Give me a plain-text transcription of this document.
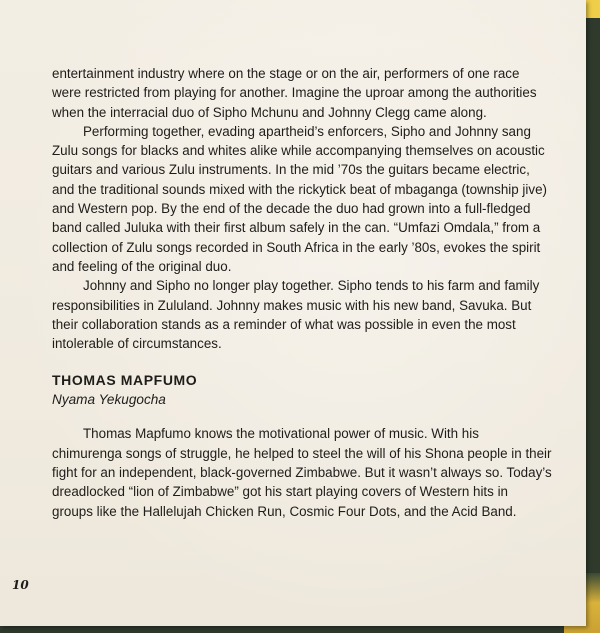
entertainment industry where on the stage or on the air, performers of one race were restricted from playing for another. Imagine the uproar among the authorities when the interracial duo of Sipho Mchunu and Johnny Clegg came along.

Performing together, evading apartheid’s enforcers, Sipho and Johnny sang Zulu songs for blacks and whites alike while accompanying themselves on acoustic guitars and various Zulu instruments. In the mid ’70s the guitars became electric, and the traditional sounds mixed with the rickytick beat of mbaganga (township jive) and Western pop. By the end of the decade the duo had grown into a full-fledged band called Juluka with their first album safely in the can. “Umfazi Omdala,” from a collection of Zulu songs recorded in South Africa in the early ’80s, evokes the spirit and feeling of the original duo.

Johnny and Sipho no longer play together. Sipho tends to his farm and family responsibilities in Zululand. Johnny makes music with his new band, Savuka. But their collaboration stands as a reminder of what was possible in even the most intolerable of circumstances.

THOMAS MAPFUMO
Nyama Yekugocha

Thomas Mapfumo knows the motivational power of music. With his chimurenga songs of struggle, he helped to steel the will of his Shona people in their fight for an independent, black-governed Zimbabwe. But it wasn’t always so. Today’s dreadlocked “lion of Zimbabwe” got his start playing covers of Western hits in groups like the Hallelujah Chicken Run, Cosmic Four Dots, and the Acid Band.

10
